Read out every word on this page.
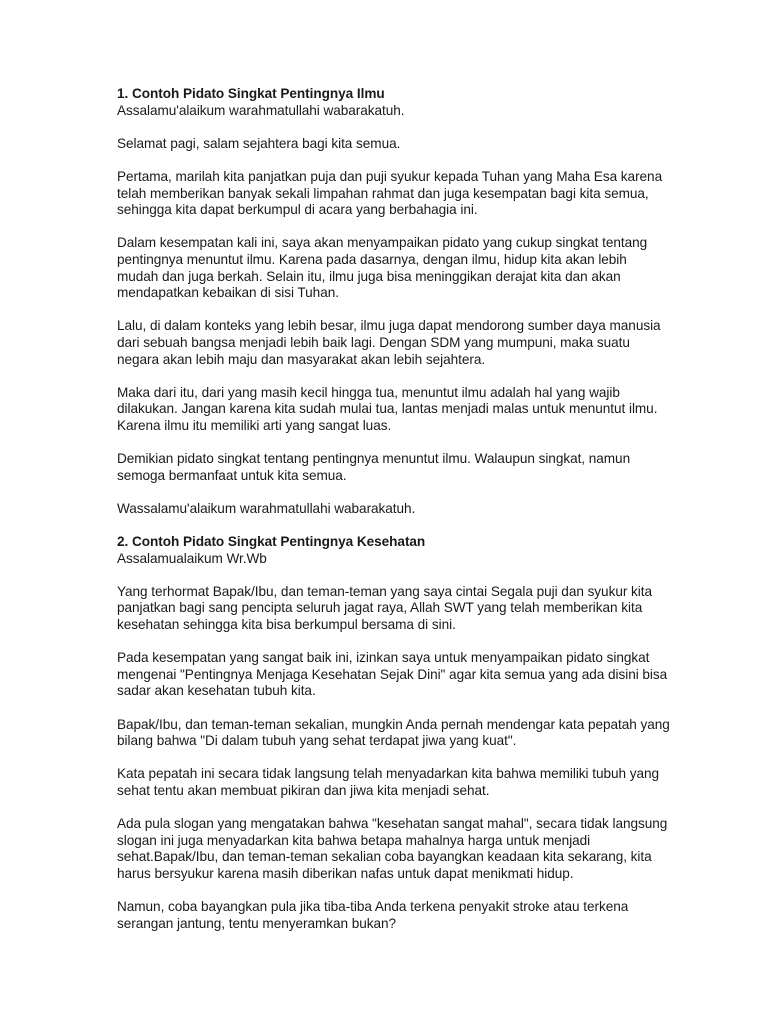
1. Contoh Pidato Singkat Pentingnya Ilmu
Assalamu'alaikum warahmatullahi wabarakatuh.
Selamat pagi, salam sejahtera bagi kita semua.
Pertama, marilah kita panjatkan puja dan puji syukur kepada Tuhan yang Maha Esa karena
telah memberikan banyak sekali limpahan rahmat dan juga kesempatan bagi kita semua,
sehingga kita dapat berkumpul di acara yang berbahagia ini.
Dalam kesempatan kali ini, saya akan menyampaikan pidato yang cukup singkat tentang
pentingnya menuntut ilmu. Karena pada dasarnya, dengan ilmu, hidup kita akan lebih
mudah dan juga berkah. Selain itu, ilmu juga bisa meninggikan derajat kita dan akan
mendapatkan kebaikan di sisi Tuhan.
Lalu, di dalam konteks yang lebih besar, ilmu juga dapat mendorong sumber daya manusia
dari sebuah bangsa menjadi lebih baik lagi. Dengan SDM yang mumpuni, maka suatu
negara akan lebih maju dan masyarakat akan lebih sejahtera.
Maka dari itu, dari yang masih kecil hingga tua, menuntut ilmu adalah hal yang wajib
dilakukan. Jangan karena kita sudah mulai tua, lantas menjadi malas untuk menuntut ilmu.
Karena ilmu itu memiliki arti yang sangat luas.
Demikian pidato singkat tentang pentingnya menuntut ilmu. Walaupun singkat, namun
semoga bermanfaat untuk kita semua.
Wassalamu'alaikum warahmatullahi wabarakatuh.
2. Contoh Pidato Singkat Pentingnya Kesehatan
Assalamualaikum Wr.Wb
Yang terhormat Bapak/Ibu, dan teman-teman yang saya cintai Segala puji dan syukur kita
panjatkan bagi sang pencipta seluruh jagat raya, Allah SWT yang telah memberikan kita
kesehatan sehingga kita bisa berkumpul bersama di sini.
Pada kesempatan yang sangat baik ini, izinkan saya untuk menyampaikan pidato singkat
mengenai "Pentingnya Menjaga Kesehatan Sejak Dini" agar kita semua yang ada disini bisa
sadar akan kesehatan tubuh kita.
Bapak/Ibu, dan teman-teman sekalian, mungkin Anda pernah mendengar kata pepatah yang
bilang bahwa "Di dalam tubuh yang sehat terdapat jiwa yang kuat".
Kata pepatah ini secara tidak langsung telah menyadarkan kita bahwa memiliki tubuh yang
sehat tentu akan membuat pikiran dan jiwa kita menjadi sehat.
Ada pula slogan yang mengatakan bahwa "kesehatan sangat mahal", secara tidak langsung
slogan ini juga menyadarkan kita bahwa betapa mahalnya harga untuk menjadi
sehat.Bapak/Ibu, dan teman-teman sekalian coba bayangkan keadaan kita sekarang, kita
harus bersyukur karena masih diberikan nafas untuk dapat menikmati hidup.
Namun, coba bayangkan pula jika tiba-tiba Anda terkena penyakit stroke atau terkena
serangan jantung, tentu menyeramkan bukan?
